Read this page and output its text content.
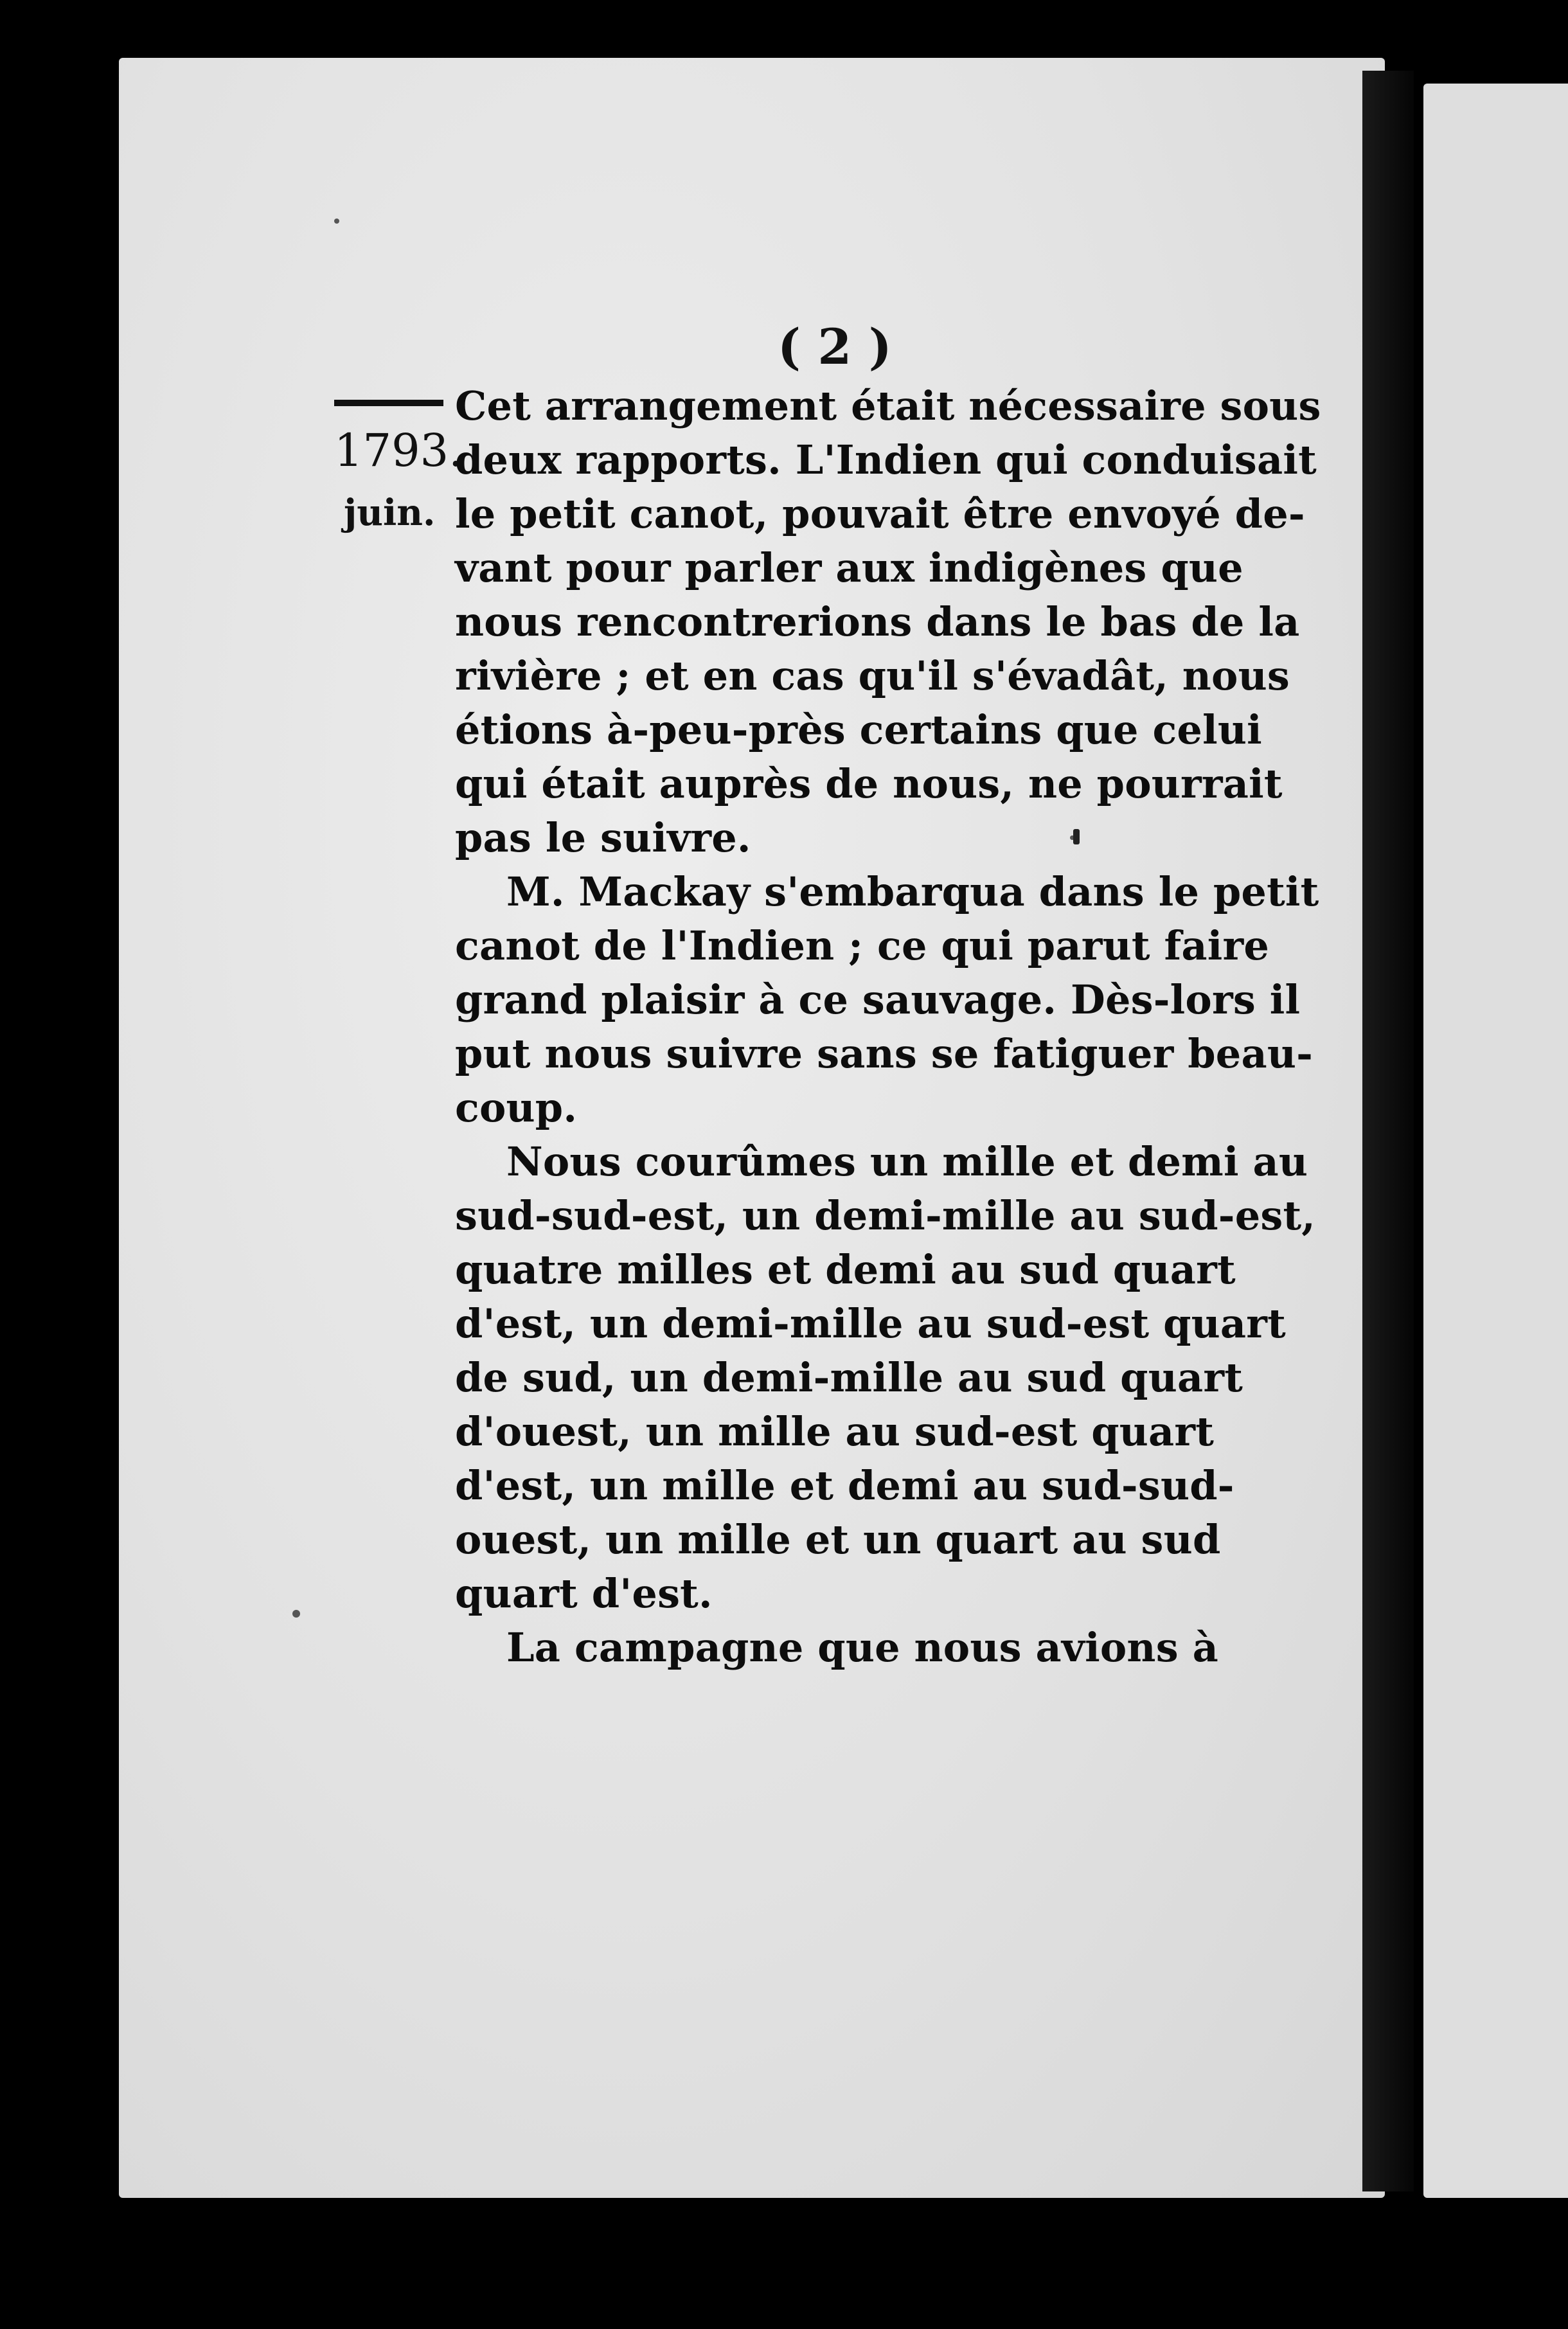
( 2 )
1793.
juin.
Cet arrangement était nécessaire sous
deux rapports. L'Indien qui conduisait
le petit canot, pouvait être envoyé de-
vant pour parler aux indigènes que
nous rencontrerions dans le bas de la
rivière ; et en cas qu'il s'évadât, nous
étions à-peu-près certains que celui
qui était auprès de nous, ne pourrait
pas le suivre.
M. Mackay s'embarqua dans le petit
canot de l'Indien ; ce qui parut faire
grand plaisir à ce sauvage. Dès-lors il
put nous suivre sans se fatiguer beau-
coup.
Nous courûmes un mille et demi au
sud-sud-est, un demi-mille au sud-est,
quatre milles et demi au sud quart
d'est, un demi-mille au sud-est quart
de sud, un demi-mille au sud quart
d'ouest, un mille au sud-est quart
d'est, un mille et demi au sud-sud-
ouest, un mille et un quart au sud
quart d'est.
La campagne que nous avions à
